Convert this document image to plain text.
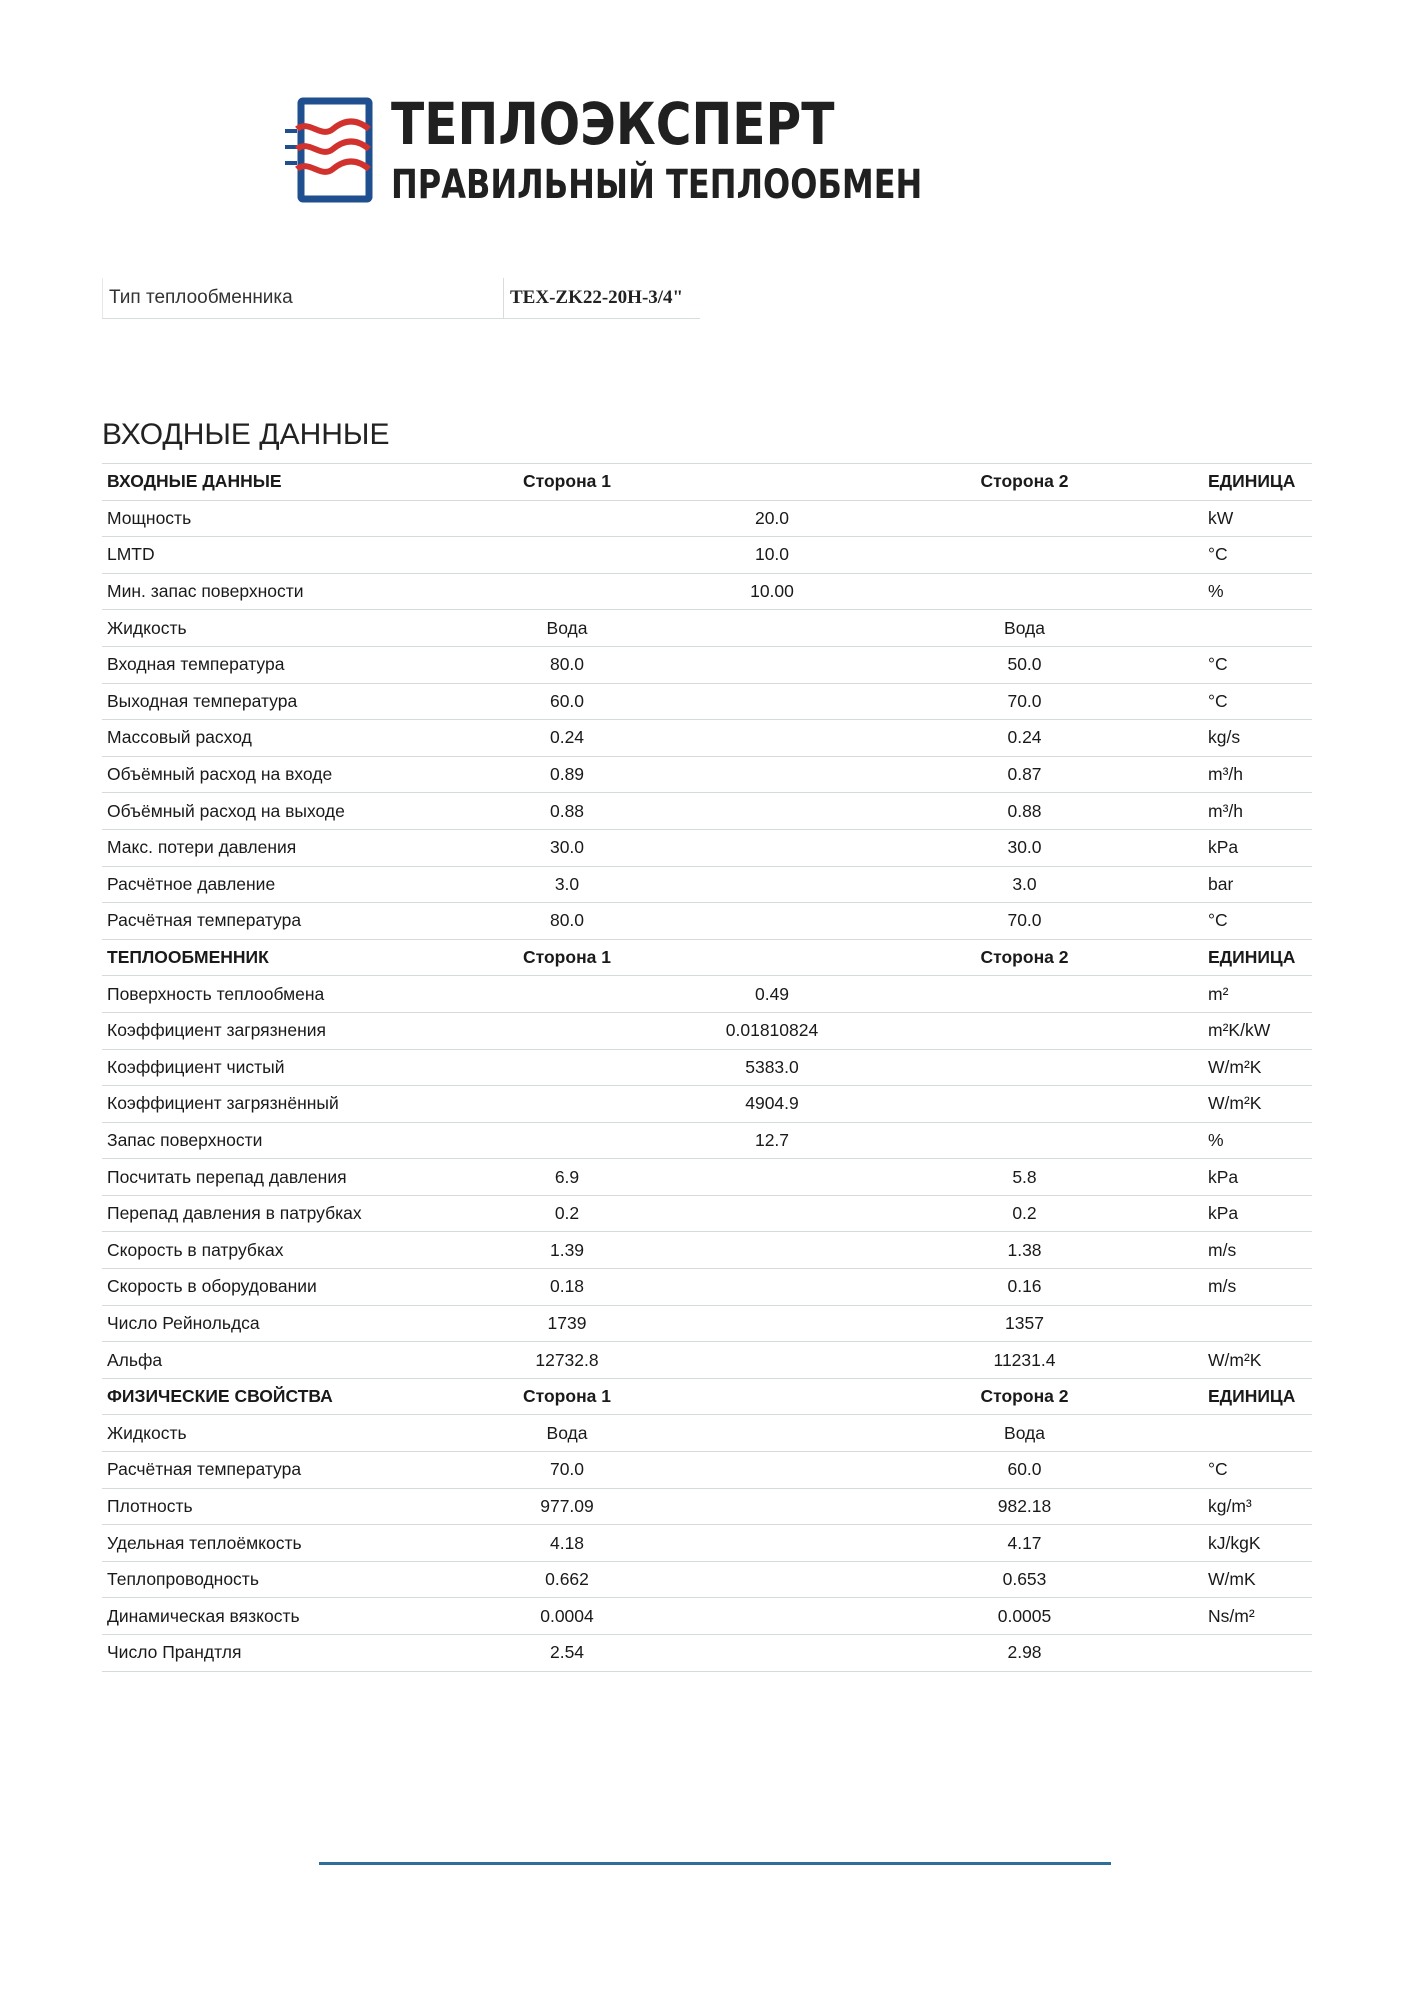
ТЕПЛОЭКСПЕРТ
ПРАВИЛЬНЫЙ ТЕПЛООБМЕН
Тип теплообменника	TEX-ZK22-20H-3/4"
ВХОДНЫЕ ДАННЫЕ
ВХОДНЫЕ ДАННЫЕ	Сторона 1		Сторона 2	ЕДИНИЦА
Мощность	20.0			kW
LMTD	10.0			°C
Мин. запас поверхности	10.00			%
Жидкость	Вода		Вода	
Входная температура	80.0		50.0	°C
Выходная температура	60.0		70.0	°C
Массовый расход	0.24		0.24	kg/s
Объёмный расход на входе	0.89		0.87	m³/h
Объёмный расход на выходе	0.88		0.88	m³/h
Макс. потери давления	30.0		30.0	kPa
Расчётное давление	3.0		3.0	bar
Расчётная температура	80.0		70.0	°C
ТЕПЛООБМЕННИК	Сторона 1		Сторона 2	ЕДИНИЦА
Поверхность теплообмена	0.49			m²
Коэффициент загрязнения	0.01810824			m²K/kW
Коэффициент чистый	5383.0			W/m²K
Коэффициент загрязнённый	4904.9			W/m²K
Запас поверхности	12.7			%
Посчитать перепад давления	6.9		5.8	kPa
Перепад давления в патрубках	0.2		0.2	kPa
Скорость в патрубках	1.39		1.38	m/s
Скорость в оборудовании	0.18		0.16	m/s
Число Рейнольдса	1739		1357	
Альфа	12732.8		11231.4	W/m²K
ФИЗИЧЕСКИЕ СВОЙСТВА	Сторона 1		Сторона 2	ЕДИНИЦА
Жидкость	Вода		Вода	
Расчётная температура	70.0		60.0	°C
Плотность	977.09		982.18	kg/m³
Удельная теплоёмкость	4.18		4.17	kJ/kgK
Теплопроводность	0.662		0.653	W/mK
Динамическая вязкость	0.0004		0.0005	Ns/m²
Число Прандтля	2.54		2.98	
